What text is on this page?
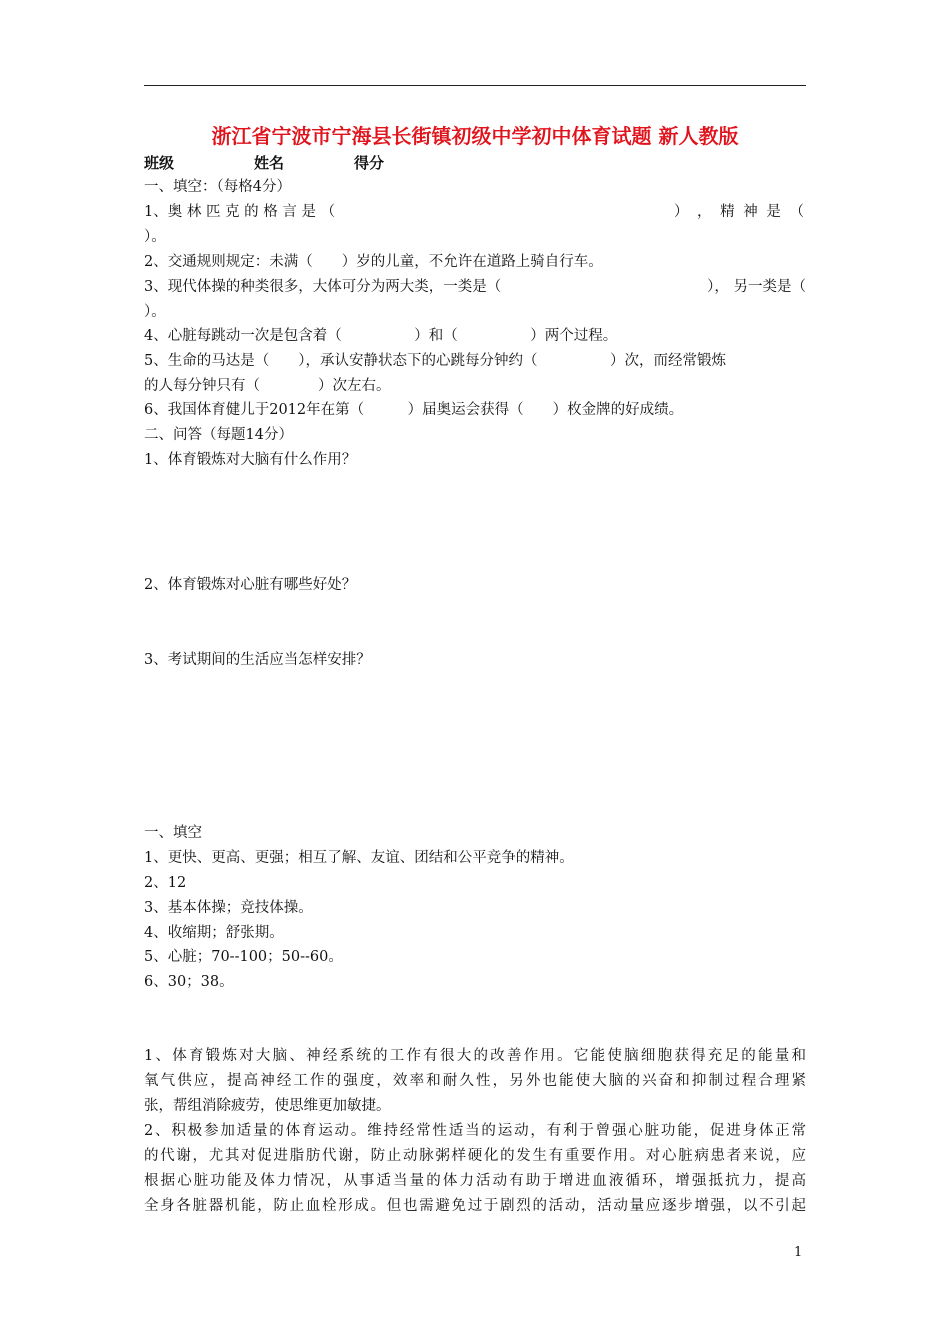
浙江省宁波市宁海县长街镇初级中学初中体育试题 新人教版
班级	姓名	得分
一、填空：（每格4分）
1、奥 林 匹 克 的 格 言 是 （	） ， 精 神 是 （
）。
2、交通规则规定：未满（　　）岁的儿童，不允许在道路上骑自行车。
3、现代体操的种类很多，大体可分为两大类，一类是（	）， 另一类是（
）。
4、心脏每跳动一次是包含着（　　　　　）和（　　　　　）两个过程。
5、生命的马达是（　　），承认安静状态下的心跳每分钟约（　　　　　）次，而经常锻炼
的人每分钟只有（　　　　）次左右。
6、我国体育健儿于2012年在第（　　　）届奥运会获得（　　）枚金牌的好成绩。
二、问答（每题14分）
1、体育锻炼对大脑有什么作用？
2、体育锻炼对心脏有哪些好处？
3、考试期间的生活应当怎样安排？
一、填空
1、更快、更高、更强；相互了解、友谊、团结和公平竞争的精神。
2、12
3、基本体操；竞技体操。
4、收缩期；舒张期。
5、心脏；70--100；50--60。
6、30；38。
1、体育锻炼对大脑、神经系统的工作有很大的改善作用。它能使脑细胞获得充足的能量和
氧气供应，提高神经工作的强度，效率和耐久性，另外也能使大脑的兴奋和抑制过程合理紧
张，帮组消除疲劳，使思维更加敏捷。
2、积极参加适量的体育运动。维持经常性适当的运动，有利于曾强心脏功能，促进身体正常
的代谢，尤其对促进脂肪代谢，防止动脉粥样硬化的发生有重要作用。对心脏病患者来说，应
根据心脏功能及体力情况，从事适当量的体力活动有助于增进血液循环，增强抵抗力，提高
全身各脏器机能，防止血栓形成。但也需避免过于剧烈的活动，活动量应逐步增强，以不引起
1
